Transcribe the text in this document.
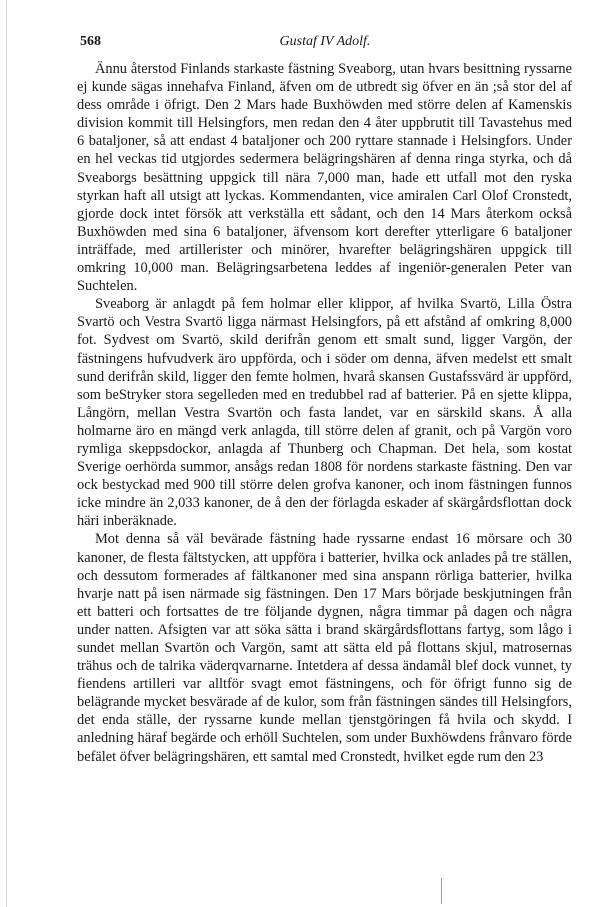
568	Gustaf IV Adolf.

Ännu återstod Finlands starkaste fästning Sveaborg, utan hvars besittning ryssarne ej kunde sägas innehafva Finland, äfven om de utbredt sig öfver en än ;så stor del af dess område i öfrigt. Den 2 Mars hade Buxhöwden med större delen af Kamenskis division kommit till Helsingfors, men redan den 4 åter uppbrutit till Tavastehus med 6 bataljoner, så att endast 4 bataljoner och 200 ryttare stannade i Helsingfors. Under en hel veckas tid utgjordes sedermera belägringshären af denna ringa styrka, och då Sveaborgs besättning uppgick till nära 7,000 man, hade ett utfall mot den ryska styrkan haft all utsigt att lyckas. Kommendanten, vice amiralen Carl Olof Cronstedt, gjorde dock intet försök att verkställa ett sådant, och den 14 Mars återkom också Buxhöwden med sina 6 bataljoner, äfvensom kort derefter ytterligare 6 bataljoner inträffade, med artillerister och minörer, hvarefter belägringshären uppgick till omkring 10,000 man. Belägringsarbetena leddes af ingeniör-generalen Peter van Suchtelen.

Sveaborg är anlagdt på fem holmar eller klippor, af hvilka Svartö, Lilla Östra Svartö och Vestra Svartö ligga närmast Helsingfors, på ett afstånd af omkring 8,000 fot. Sydvest om Svartö, skild derifrån genom ett smalt sund, ligger Vargön, der fästningens hufvudverk äro uppförda, och i söder om denna, äfven medelst ett smalt sund derifrån skild, ligger den femte holmen, hvarå skansen Gustafssvärd är uppförd, som beStryker stora segelleden med en tredubbel rad af batterier. På en sjette klippa, Långörn, mellan Vestra Svartön och fasta landet, var en särskild skans. Å alla holmarne äro en mängd verk anlagda, till större delen af granit, och på Vargön voro rymliga skeppsdockor, anlagda af Thunberg och Chapman. Det hela, som kostat Sverige oerhörda summor, ansågs redan 1808 för nordens starkaste fästning. Den var ock bestyckad med 900 till större delen grofva kanoner, och inom fästningen funnos icke mindre än 2,033 kanoner, de å den der förlagda eskader af skärgårdsflottan dock häri inberäknade.

Mot denna så väl bevärade fästning hade ryssarne endast 16 mörsare och 30 kanoner, de flesta fältstycken, att uppföra i batterier, hvilka ock anlades på tre ställen, och dessutom formerades af fältkanoner med sina anspann rörliga batterier, hvilka hvarje natt på isen närmade sig fästningen. Den 17 Mars började beskjutningen från ett batteri och fortsattes de tre följande dygnen, några timmar på dagen och några under natten. Afsigten var att söka sätta i brand skärgårdsflottans fartyg, som lågo i sundet mellan Svartön och Vargön, samt att sätta eld på flottans skjul, matrosernas trähus och de talrika väderqvarnarne. Intetdera af dessa ändamål blef dock vunnet, ty fiendens artilleri var alltför svagt emot fästningens, och för öfrigt funno sig de belägrande mycket besvärade af de kulor, som från fästningen sändes till Helsingfors, det enda ställe, der ryssarne kunde mellan tjenstgöringen få hvila och skydd. I anledning häraf begärde och erhöll Suchtelen, som under Buxhöwdens frånvaro förde befälet öfver belägringshären, ett samtal med Cronstedt, hvilket egde rum den 23
